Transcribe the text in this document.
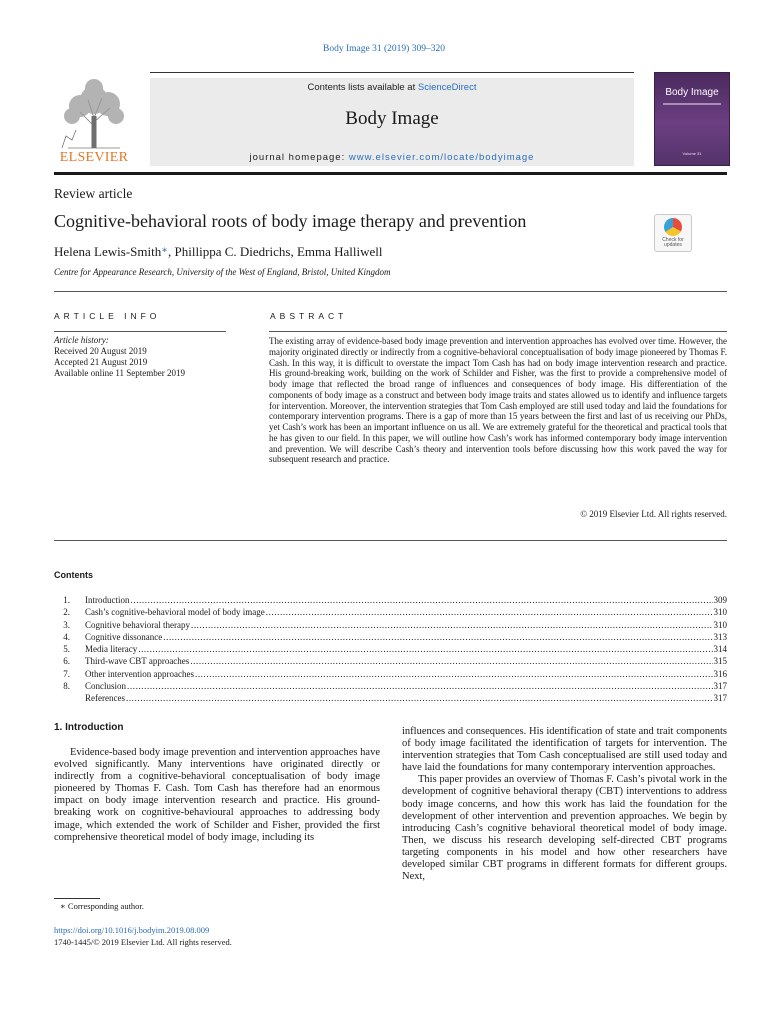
Body Image 31 (2019) 309–320
ELSEVIER
Contents lists available at ScienceDirect
Body Image
journal homepage: www.elsevier.com/locate/bodyimage
Body Image
Volume 31
Review article
Cognitive-behavioral roots of body image therapy and prevention
Check for updates
Helena Lewis-Smith∗, Phillippa C. Diedrichs, Emma Halliwell
Centre for Appearance Research, University of the West of England, Bristol, United Kingdom
ARTICLE INFO	ABSTRACT
Article history:
Received 20 August 2019
Accepted 21 August 2019
Available online 11 September 2019
The existing array of evidence-based body image prevention and intervention approaches has evolved over time. However, the majority originated directly or indirectly from a cognitive-behavioral conceptualisation of body image pioneered by Thomas F. Cash. In this way, it is difficult to overstate the impact Tom Cash has had on body image intervention research and practice. His ground-breaking work, building on the work of Schilder and Fisher, was the first to provide a comprehensive model of body image that reflected the broad range of influences and consequences of body image. His differentiation of the components of body image as a construct and between body image traits and states allowed us to identify and influence targets for intervention. Moreover, the intervention strategies that Tom Cash employed are still used today and laid the foundations for contemporary intervention programs. There is a gap of more than 15 years between the first and last of us receiving our PhDs, yet Cash’s work has been an important influence on us all. We are extremely grateful for the theoretical and practical tools that he has given to our field. In this paper, we will outline how Cash’s work has informed contemporary body image intervention and prevention. We will describe Cash’s theory and intervention tools before discussing how this work paved the way for subsequent research and practice.
© 2019 Elsevier Ltd. All rights reserved.
Contents
1.	Introduction .....	309
2.	Cash’s cognitive-behavioral model of body image .....	310
3.	Cognitive behavioral therapy .....	310
4.	Cognitive dissonance .....	313
5.	Media literacy .....	314
6.	Third-wave CBT approaches .....	315
7.	Other intervention approaches .....	316
8.	Conclusion .....	317
References .....	317
1. Introduction

Evidence-based body image prevention and intervention approaches have evolved significantly. Many interventions have originated directly or indirectly from a cognitive-behavioral conceptualisation of body image pioneered by Thomas F. Cash. Tom Cash has therefore had an enormous impact on body image intervention research and practice. His ground-breaking work on cognitive-behavioural approaches to addressing body image, which extended the work of Schilder and Fisher, provided the first comprehensive theoretical model of body image, including its

influences and consequences. His identification of state and trait components of body image facilitated the identification of targets for intervention. The intervention strategies that Tom Cash conceptualised are still used today and have laid the foundations for many contemporary intervention approaches.

This paper provides an overview of Thomas F. Cash’s pivotal work in the development of cognitive behavioral therapy (CBT) interventions to address body image concerns, and how this work has laid the foundation for the development of other intervention and prevention approaches. We begin by introducing Cash’s cognitive behavioral theoretical model of body image. Then, we discuss his research developing self-directed CBT programs targeting components in his model and how other researchers have developed similar CBT programs in different formats for different groups. Next,

∗ Corresponding author.
https://doi.org/10.1016/j.bodyim.2019.08.009
1740-1445/© 2019 Elsevier Ltd. All rights reserved.
